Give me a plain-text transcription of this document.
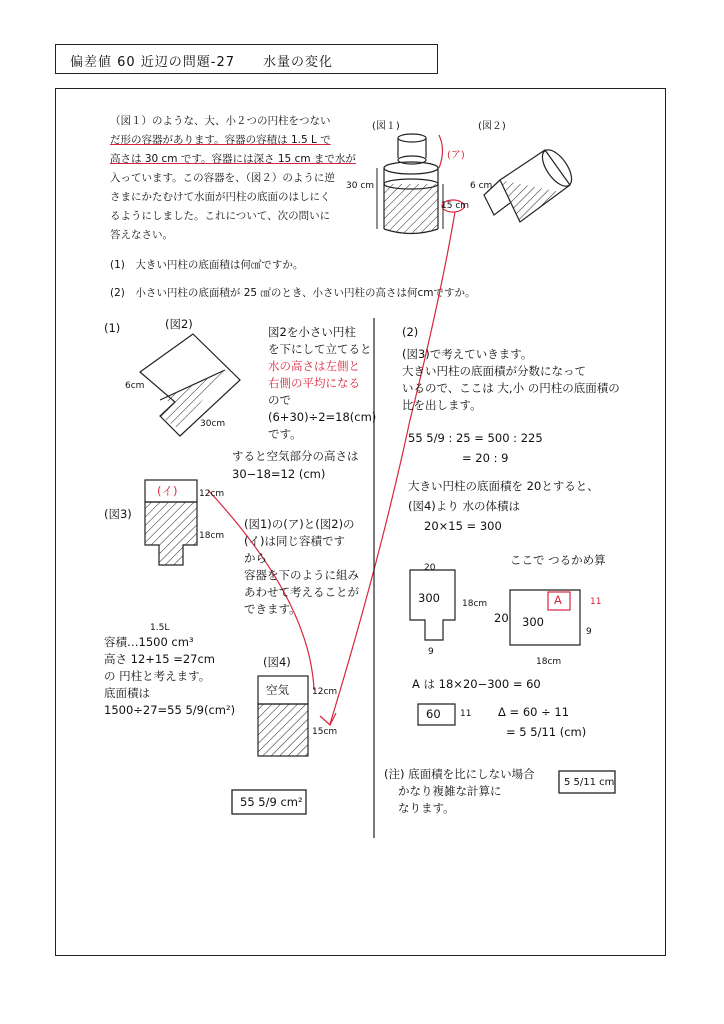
偏差値 60 近辺の問題-27　　水量の変化
（図１）のような、大、小２つの円柱をつない
だ形の容器があります。容器の容積は 1.5 L で
高さは 30 cm です。容器には深さ 15 cm まで水が
入っています。この容器を、（図２）のように逆
さまにかたむけて水面が円柱の底面のはしにく
るようにしました。これについて、次の問いに
答えなさい。
(1)　大きい円柱の底面積は何㎠ですか。
(2)　小さい円柱の底面積が 25 ㎠のとき、小さい円柱の高さは何cmですか。
(図１)	(図２)
(ア)
30 cm
15 cm
6 cm
(1)	(図2)
6cm
30cm
図2を小さい円柱
を下にして立てると
水の高さは左側と
右側の平均になる
ので
(6+30)÷2=18(cm)
です。
すると空気部分の高さは
30−18=12 (cm)
(図3)
(イ) 12cm
18cm
(図1)の(ア)と(図2)の
(イ)は同じ容積です
から
容器を下のように組み
あわせて考えることが
できます。
(図4)
空気	12cm
15cm
1.5L
容積…1500 cm³
高さ 12+15 =27cm
の 円柱と考えます。
底面積は
1500÷27=55 5/9(cm²)
55 5/9 cm²
(2)
(図3)で考えていきます。
大きい円柱の底面積が分数になって
いるので、ここは 大,小 の円柱の底面積の
比を出します。
55 5/9 : 25 = 500 : 225
= 20 : 9
大きい円柱の底面積を 20とすると、
(図4)より 水の体積は
20×15 = 300
ここで つるかめ算
300
20
18cm
9
20 300
A	11
9
18cm
A は 18×20−300 = 60
60 11 Δ = 60 ÷ 11
= 5 5/11 (cm)
(注) 底面積を比にしない場合
かなり複雑な計算に
なります。
5 5/11 cm
